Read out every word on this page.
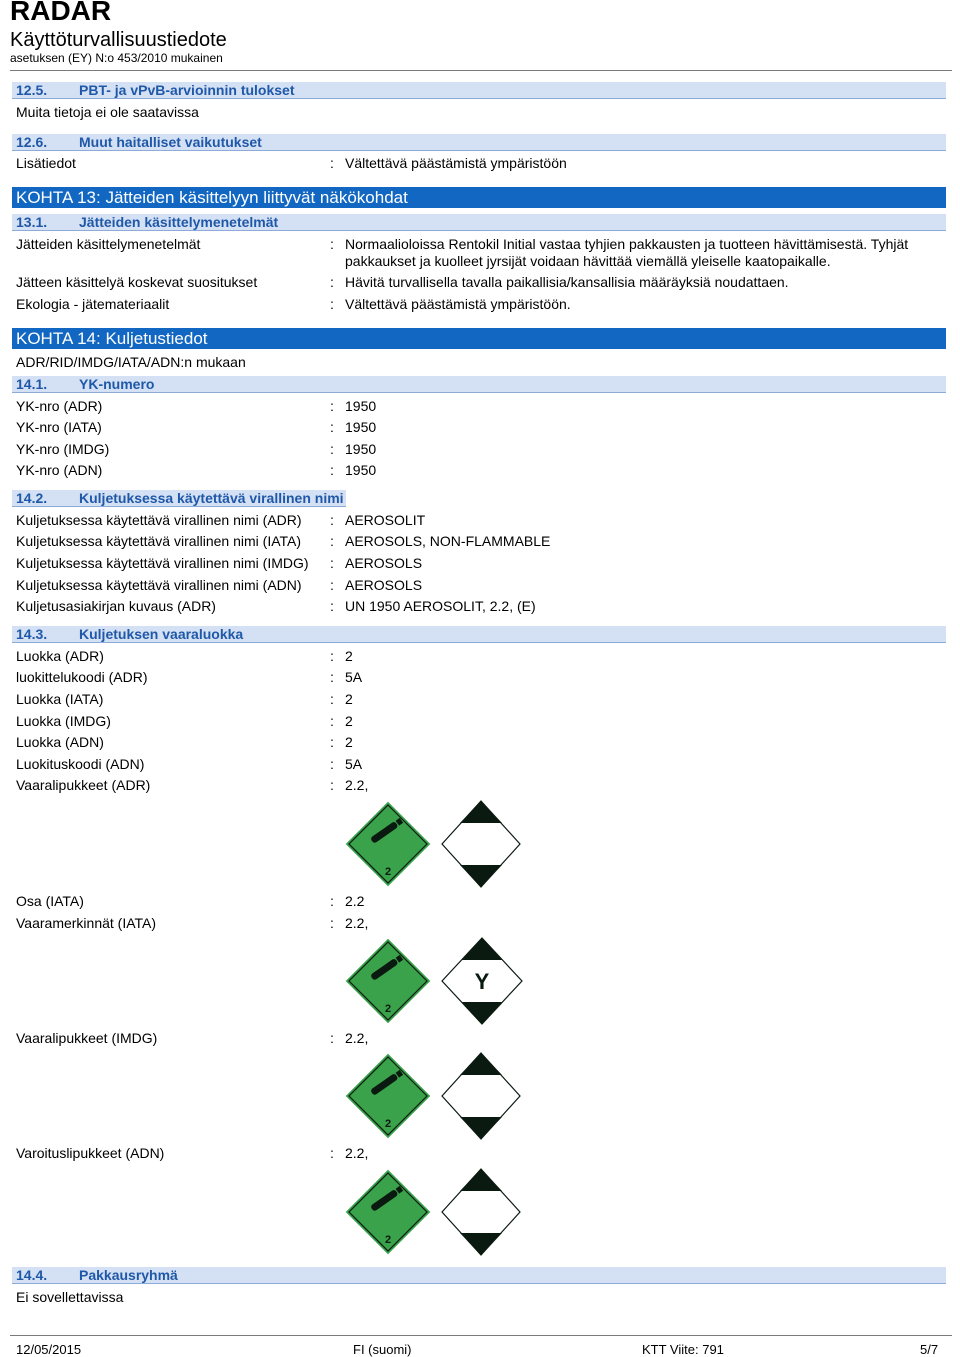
RADAR
Käyttöturvallisuustiedote
asetuksen (EY) N:o 453/2010 mukainen
12.5. PBT- ja vPvB-arvioinnin tulokset
Muita tietoja ei ole saatavissa
12.6. Muut haitalliset vaikutukset
Lisätiedot	: Vältettävä päästämistä ympäristöön
KOHTA 13: Jätteiden käsittelyyn liittyvät näkökohdat
13.1. Jätteiden käsittelymenetelmät
Jätteiden käsittelymenetelmät	: Normaalioloissa Rentokil Initial vastaa tyhjien pakkausten ja tuotteen hävittämisestä. Tyhjät pakkaukset ja kuolleet jyrsijät voidaan hävittää viemällä yleiselle kaatopaikalle.
Jätteen käsittelyä koskevat suositukset	: Hävitä turvallisella tavalla paikallisia/kansallisia määräyksiä noudattaen.
Ekologia - jätemateriaalit	: Vältettävä päästämistä ympäristöön.
KOHTA 14: Kuljetustiedot
ADR/RID/IMDG/IATA/ADN:n mukaan
14.1. YK-numero
YK-nro (ADR)	: 1950
YK-nro (IATA)	: 1950
YK-nro (IMDG)	: 1950
YK-nro (ADN)	: 1950
14.2. Kuljetuksessa käytettävä virallinen nimi
Kuljetuksessa käytettävä virallinen nimi (ADR) : AEROSOLIT
Kuljetuksessa käytettävä virallinen nimi (IATA) : AEROSOLS, NON-FLAMMABLE
Kuljetuksessa käytettävä virallinen nimi (IMDG) : AEROSOLS
Kuljetuksessa käytettävä virallinen nimi (ADN) : AEROSOLS
Kuljetusasiakirjan kuvaus (ADR)	: UN 1950 AEROSOLIT, 2.2, (E)
14.3. Kuljetuksen vaaraluokka
Luokka (ADR)	: 2
luokittelukoodi (ADR)	: 5A
Luokka (IATA)	: 2
Luokka (IMDG)	: 2
Luokka (ADN)	: 2
Luokituskoodi (ADN)	: 5A
Vaaralipukkeet (ADR)	: 2.2,
2
Osa (IATA)	: 2.2
Vaaramerkinnät (IATA)	: 2.2,
2
Y
Vaaralipukkeet (IMDG)	: 2.2,
2
Varoituslipukkeet (ADN)	: 2.2,
2
14.4. Pakkausryhmä
Ei sovellettavissa
12/05/2015	FI (suomi)	KTT Viite: 791	5/7
